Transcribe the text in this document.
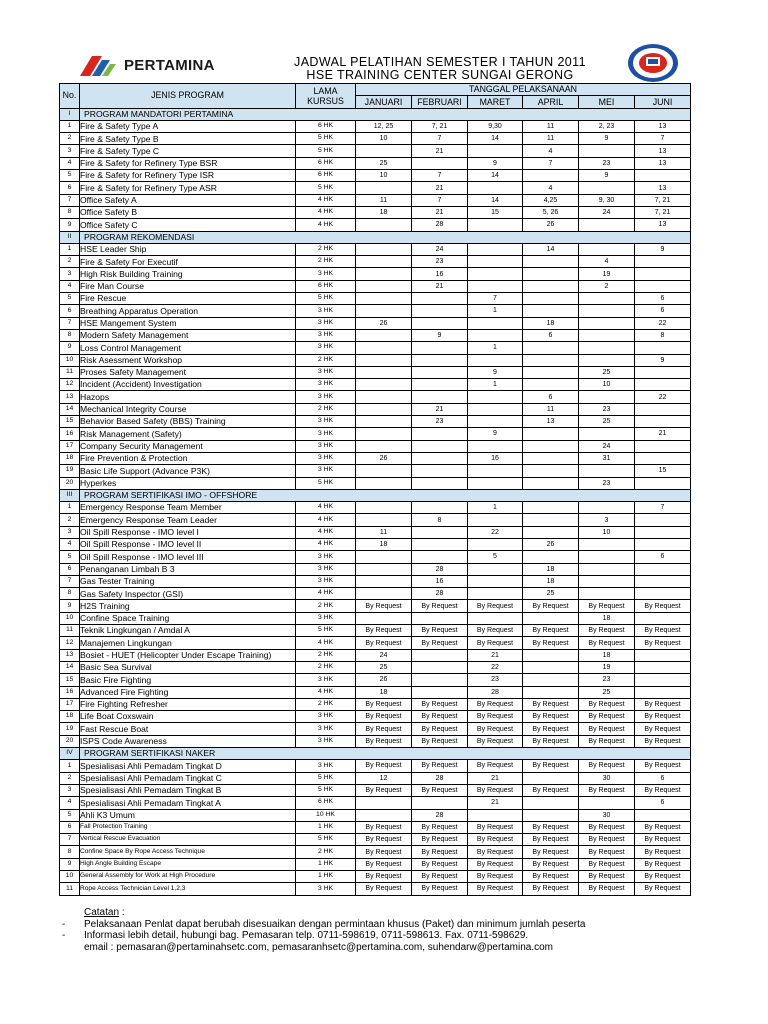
PERTAMINA	JADWAL PELATIHAN SEMESTER I TAHUN 2011
HSE TRAINING CENTER SUNGAI GERONG
No.	JENIS PROGRAM	LAMA KURSUS	TANGGAL PELAKSANAAN					
			JANUARI	FEBRUARI	MARET	APRIL	MEI	JUNI
I	PROGRAM MANDATORI PERTAMINA							
1	Fire & Safety Type A	6 HK	12, 25	7, 21	9,30	11	2, 23	13
2	Fire & Safety Type B	5 HK	10	7	14	11	9	7
3	Fire & Safety Type C	5 HK		21		4		13
4	Fire & Safety for Refinery Type BSR	6 HK	25		9	7	23	13
5	Fire & Safety for Refinery Type ISR	6 HK	10	7	14		9	
6	Fire & Safety for Refinery Type ASR	5 HK		21		4		13
7	Office Safety A	4 HK	11	7	14	4,25	9, 30	7, 21
8	Office Safety B	4 HK	18	21	15	5, 26	24	7, 21
9	Office Safety C	4 HK		28		26		13
II	PROGRAM REKOMENDASI							
1	HSE Leader Ship	2 HK		24		14		9
2	Fire & Safety For Executif	2 HK		23			4	
3	High Risk Building Training	3 HK		16			19	
4	Fire Man Course	6 HK		21			2	
5	Fire Rescue	5 HK			7			6
6	Breathing Apparatus Operation	3 HK			1			6
7	HSE Mangement System	3 HK	26			18		22
8	Modern Safety Management	3 HK		9		6		8
9	Loss Control Management	3 HK			1			
10	Risk Asessment Workshop	2 HK						9
11	Proses Safety Management	3 HK			9		25	
12	Incident (Accident) Investigation	3 HK			1		10	
13	Hazops	3 HK				6		22
14	Mechanical Integrity Course	2 HK		21		11	23	
15	Behavior Based Safety (BBS) Training	3 HK		23		13	25	
16	Risk Management (Safety)	3 HK			9			21
17	Company Security Management	3 HK					24	
18	Fire Prevention & Protection	3 HK	26		16		31	
19	Basic Life Support (Advance P3K)	3 HK						15
20	Hyperkes	5 HK					23	
III	PROGRAM SERTIFIKASI IMO - OFFSHORE							
1	Emergency Response Team Member	4 HK			1			7
2	Emergency Response Team Leader	4 HK		8			3	
3	Oil Spill Response - IMO level I	4 HK	11		22		10	
4	Oil Spill Response - IMO level II	4 HK	18			26		
5	Oil Spill Response - IMO level III	3 HK			5			6
6	Penanganan Limbah B 3	3 HK		28		18		
7	Gas Tester Training	3 HK		16		18		
8	Gas Safety Inspector (GSI)	4 HK		28		25		
9	H2S Training	2 HK	By Request	By Request	By Request	By Request	By Request	By Request
10	Confine Space Training	3 HK					18	
11	Teknik Lingkungan / Amdal A	5 HK	By Request	By Request	By Request	By Request	By Request	By Request
12	Manajemen Lingkungan	4 HK	By Request	By Request	By Request	By Request	By Request	By Request
13	Bosiet - HUET (Helicopter Under Escape Training)	2 HK	24		21		18	
14	Basic Sea Survival	2 HK	25		22		19	
15	Basic Fire Fighting	3 HK	26		23		23	
16	Advanced Fire Fighting	4 HK	18		28		25	
17	Fire Fighting Refresher	2 HK	By Request	By Request	By Request	By Request	By Request	By Request
18	Life Boat Coxswain	3 HK	By Request	By Request	By Request	By Request	By Request	By Request
19	Fast Rescue Boat	3 HK	By Request	By Request	By Request	By Request	By Request	By Request
20	ISPS Code Awareness	3 HK	By Request	By Request	By Request	By Request	By Request	By Request
IV	PROGRAM SERTIFIKASI NAKER							
1	Spesialisasi Ahli Pemadam Tingkat D	3 HK	By Request	By Request	By Request	By Request	By Request	By Request
2	Spesialisasi Ahli Pemadam Tingkat C	5 HK	12	28	21		30	6
3	Spesialisasi Ahli Pemadam Tingkat B	5 HK	By Request	By Request	By Request	By Request	By Request	By Request
4	Spesialisasi Ahli Pemadam Tingkat A	6 HK			21			6
5	Ahli K3 Umum	10 HK		28			30	
6	Fall Protection Training	1 HK	By Request	By Request	By Request	By Request	By Request	By Request
7	Vertical Rescue Evacuation	5 HK	By Request	By Request	By Request	By Request	By Request	By Request
8	Confine Space By Rope Access Technique	2 HK	By Request	By Request	By Request	By Request	By Request	By Request
9	High Angle Building Escape	1 HK	By Request	By Request	By Request	By Request	By Request	By Request
10	General Assembly for Work at High Procedure	1 HK	By Request	By Request	By Request	By Request	By Request	By Request
11	Rope Access Technician Level 1,2,3	3 HK	By Request	By Request	By Request	By Request	By Request	By Request
Catatan :
-	Pelaksanaan Penlat dapat berubah disesuaikan dengan permintaan khusus (Paket) dan minimum jumlah peserta
-	Informasi lebih detail, hubungi bag. Pemasaran telp. 0711-598619, 0711-598613. Fax. 0711-598629.
email : pemasaran@pertaminahsetc.com, pemasaranhsetc@pertamina.com, suhendarw@pertamina.com
